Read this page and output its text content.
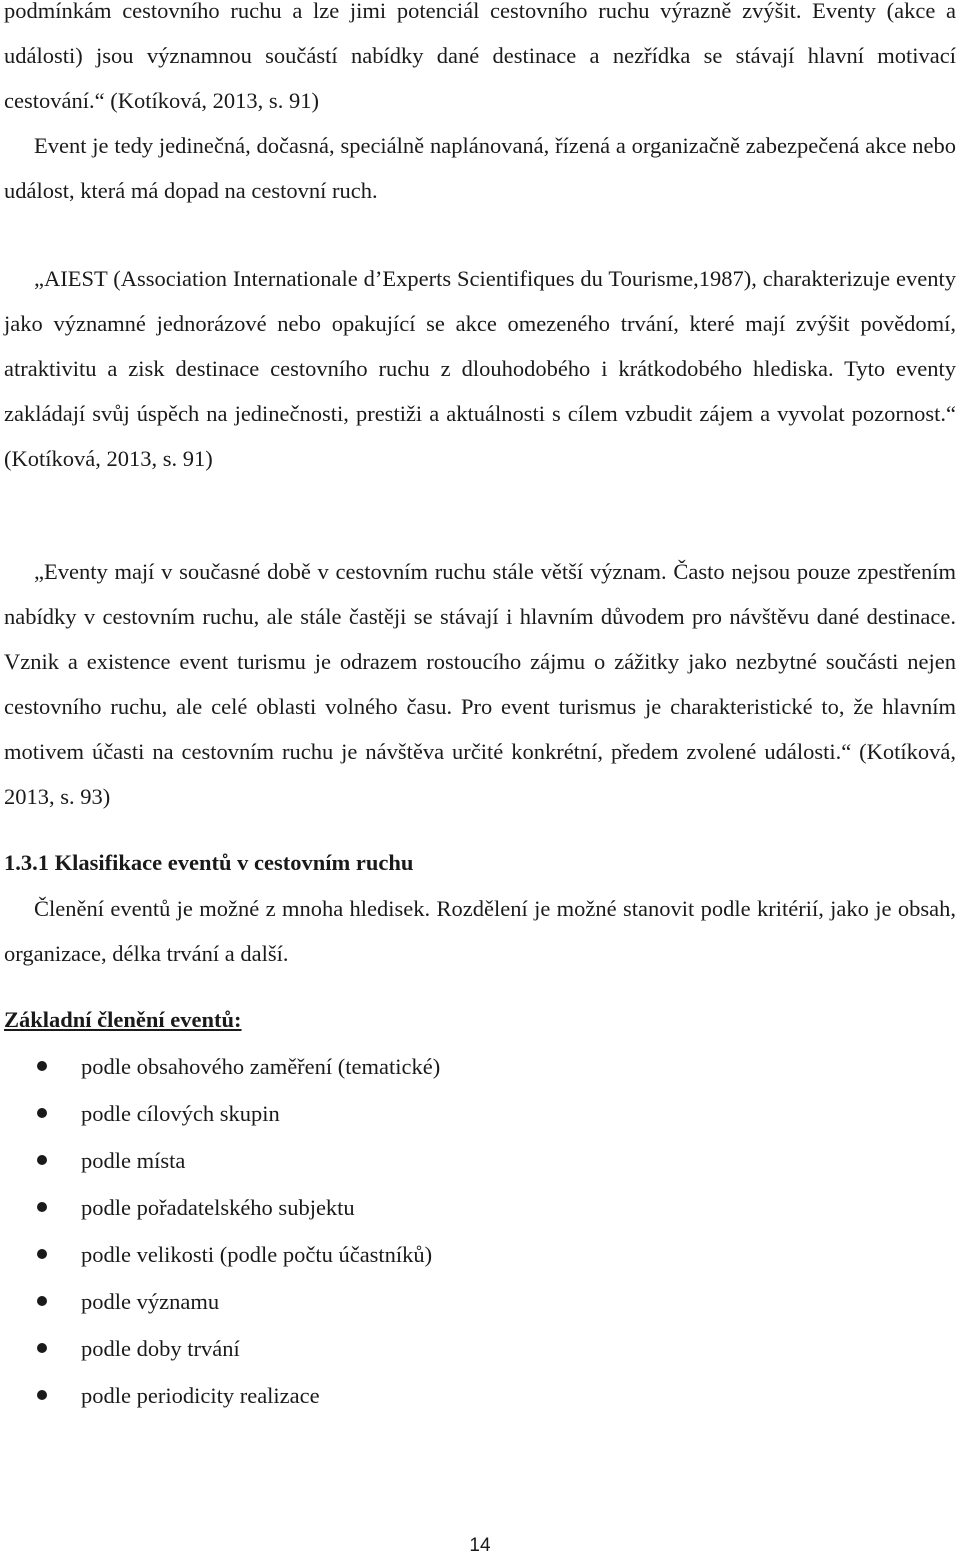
podmínkám cestovního ruchu a lze jimi potenciál cestovního ruchu výrazně zvýšit. Eventy (akce a události) jsou významnou součástí nabídky dané destinace a nezřídka se stávají hlavní motivací cestování.“ (Kotíková, 2013, s. 91)

Event je tedy jedinečná, dočasná, speciálně naplánovaná, řízená a organizačně zabezpečená akce nebo událost, která má dopad na cestovní ruch.

„AIEST (Association Internationale d’Experts Scientifiques du Tourisme,1987), charakterizuje eventy jako významné jednorázové nebo opakující se akce omezeného trvání, které mají zvýšit povědomí, atraktivitu a zisk destinace cestovního ruchu z dlouhodobého i krátkodobého hlediska. Tyto eventy zakládají svůj úspěch na jedinečnosti, prestiži a aktuálnosti s cílem vzbudit zájem a vyvolat pozornost.“ (Kotíková, 2013, s. 91)

„Eventy mají v současné době v cestovním ruchu stále větší význam. Často nejsou pouze zpestřením nabídky v cestovním ruchu, ale stále častěji se stávají i hlavním důvodem pro návštěvu dané destinace. Vznik a existence event turismu je odrazem rostoucího zájmu o zážitky jako nezbytné součásti nejen cestovního ruchu, ale celé oblasti volného času. Pro event turismus je charakteristické to, že hlavním motivem účasti na cestovním ruchu je návštěva určité konkrétní, předem zvolené události.“ (Kotíková, 2013, s. 93)

1.3.1 Klasifikace eventů v cestovním ruchu

Členění eventů je možné z mnoha hledisek. Rozdělení je možné stanovit podle kritérií, jako je obsah, organizace, délka trvání a další.

Základní členění eventů:
podle obsahového zaměření (tematické)
podle cílových skupin
podle místa
podle pořadatelského subjektu
podle velikosti (podle počtu účastníků)
podle významu
podle doby trvání
podle periodicity realizace
14
